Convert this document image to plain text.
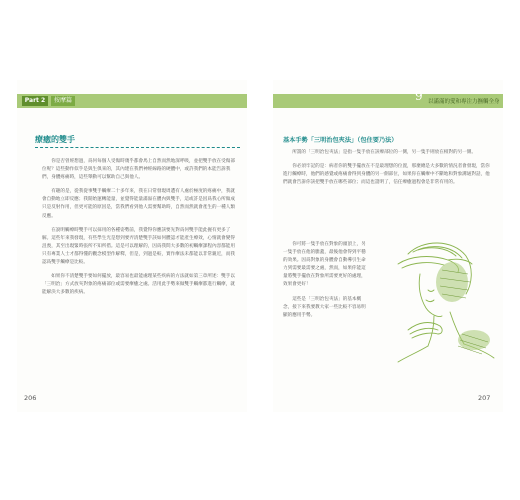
Part 2	按摩篇	9 以滿滿的愛和專注力撫觸全身
療癒的雙手

你是否曾經想過，爲何每個人受傷時幾乎都會馬上自然而然地深呼吸，並把雙手放在受傷部位呢？這些動作似乎是與生俱來的，其內建在我們神經線路的硬體中，或許我們的本能告訴我們，身體疼痛時，這些舉動可以幫助自己與他人。

有趣的是，從我從事雙手觸療二十多年來，我在日常發現周遭有人處於極度的疼痛中，我就會自動地立即反應；我開始運轉能量，並覺得能量滿溢在體內與雙手，這或許是因爲我心所做成只是反射作用，但更可能的原因是，當我們看到他人需要幫助時，自然而然就會產生的一種人類反應。

在說明觸療時雙手可以採用的各種姿勢前，我覺得你應該要先對爲何雙手能此握有更多了解。這些年來我發現，有些學生光是想到要弄清楚雙手該如何體認才能產生療效，心情就會變得沮喪，其至出現緊時張所不知所措。這是可以理解的，因爲我問大多數的初觸療課程內容都能用只有專業人士才都得懂的觀念模型作解釋，但是，到過是較，實作療法未都能以非常親近，而我認爲雙手觸療是比較。

如果你不清楚雙手要如何擺放，最容易也最能處理某些疾病的方法就如第三章所述：雙手以「三明治」方式放夾對象的疼痛部位或需要療癒之處。活用此手勢來做雙手觸療都進行觸療，就能解決大多數的疾病。

206
基本手勢「三明治包夾法」（包住要乃法）

所謂的「三明治包夾法」是指一隻手放在該療部位的一側，另一隻手則放在相對的另一側。

你必須牢記的是：病者你的雙手擺放在不是最理想的位置，那麼總是大多數的情況者會發現，當你進行觸療時，他們的感覺或疼痛會得到身體的另一側部位，如果你在觸療中不斷地和對象溝通對話，他們就會告訴你該把雙手放在哪些部位；而這也證明了，信任療癒過程會是非常有用的。

你可將一隻手放在對象的頭頂上，另一隻手放在他的膽蓋，最後他會得到平穩的效果。因爲對象的身體會自動導引生命力到需要最需要之處，然而，如果你能這量將雙手擺放在對象所需要更好的處理，效果會更好！

這些是「三明治包夾法」的基本概念，接下來我要教大家一些比較不容易明顯的應用手勢。

207
